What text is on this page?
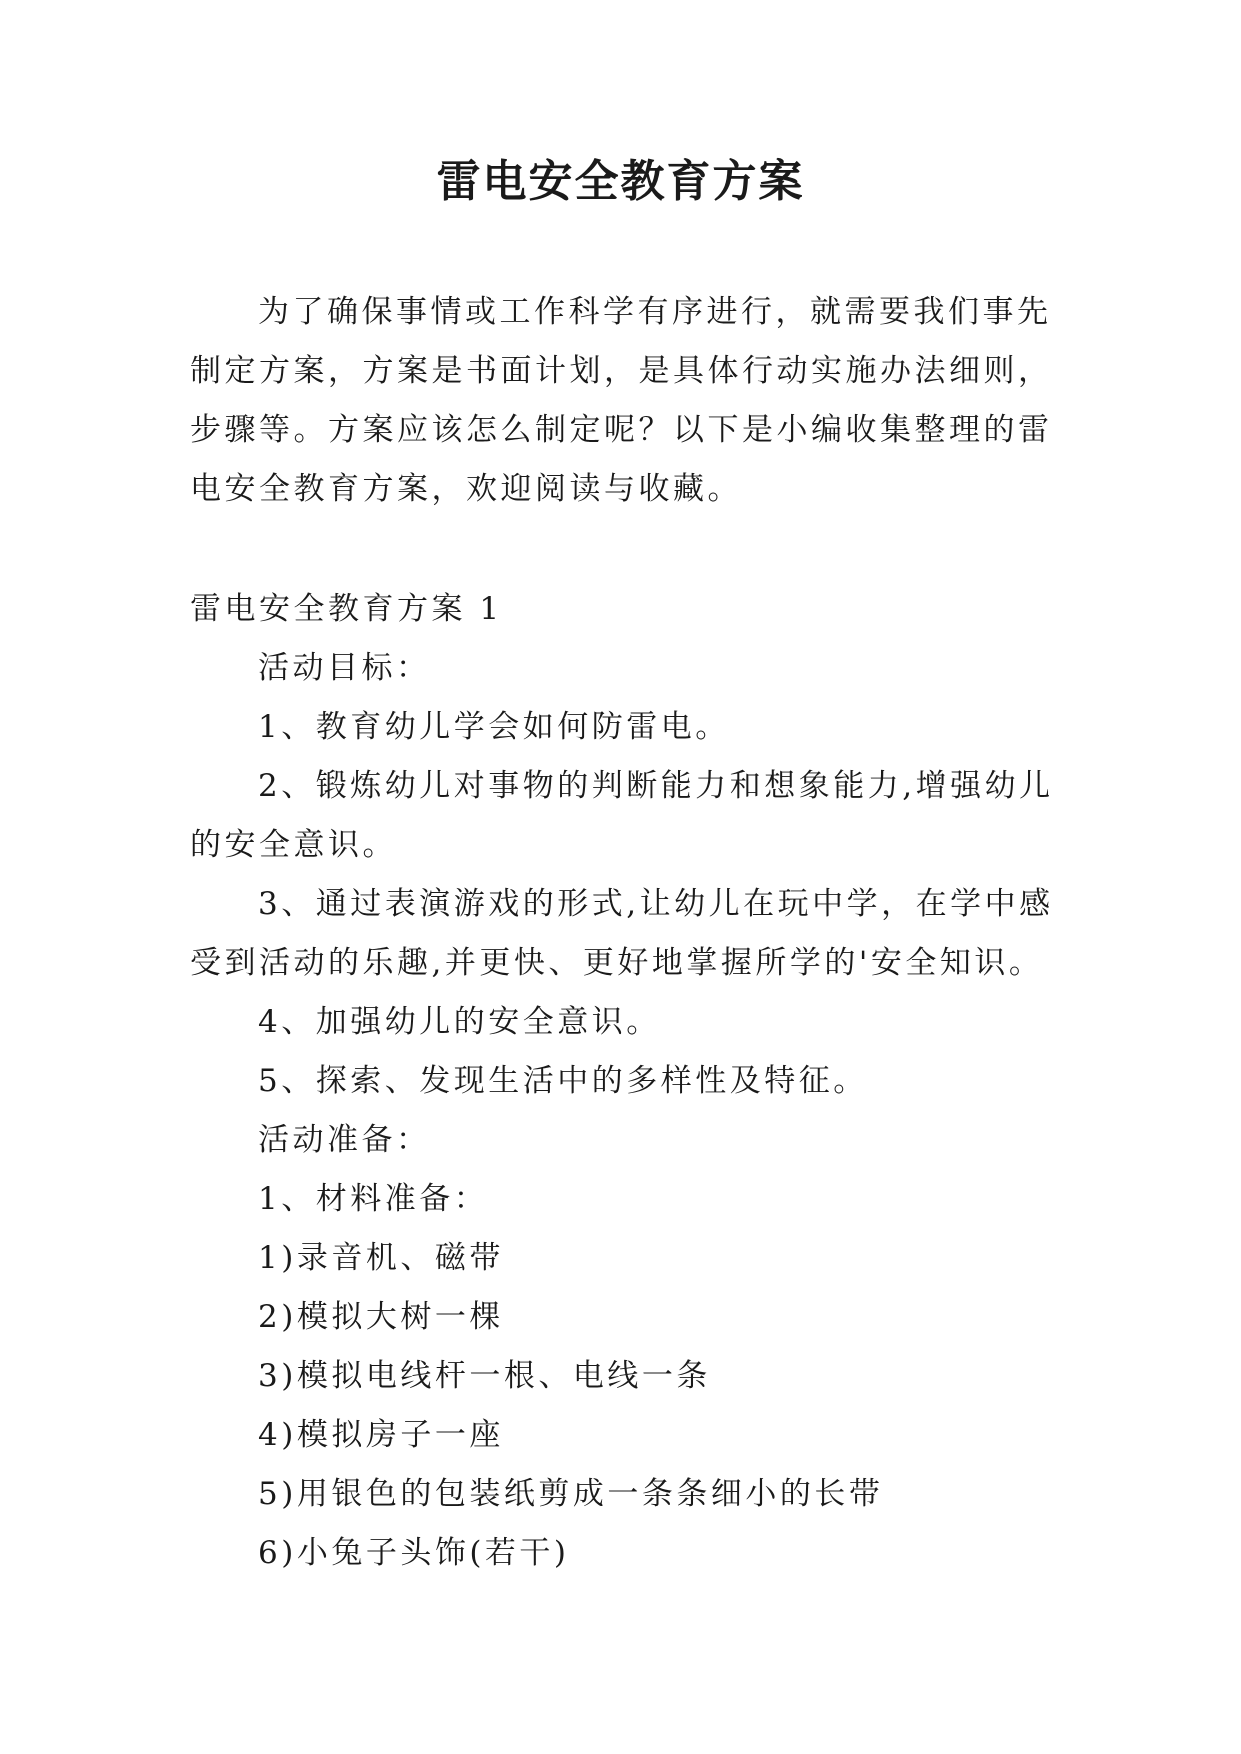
雷电安全教育方案

为了确保事情或工作科学有序进行，就需要我们事先制定方案，方案是书面计划，是具体行动实施办法细则，步骤等。方案应该怎么制定呢？以下是小编收集整理的雷电安全教育方案，欢迎阅读与收藏。

雷电安全教育方案 1
活动目标：
1、教育幼儿学会如何防雷电。
2、锻炼幼儿对事物的判断能力和想象能力,增强幼儿的安全意识。
3、通过表演游戏的形式,让幼儿在玩中学，在学中感受到活动的乐趣,并更快、更好地掌握所学的'安全知识。
4、加强幼儿的安全意识。
5、探索、发现生活中的多样性及特征。
活动准备：
1、材料准备：
1)录音机、磁带
2)模拟大树一棵
3)模拟电线杆一根、电线一条
4)模拟房子一座
5)用银色的包装纸剪成一条条细小的长带
6)小兔子头饰(若干)
